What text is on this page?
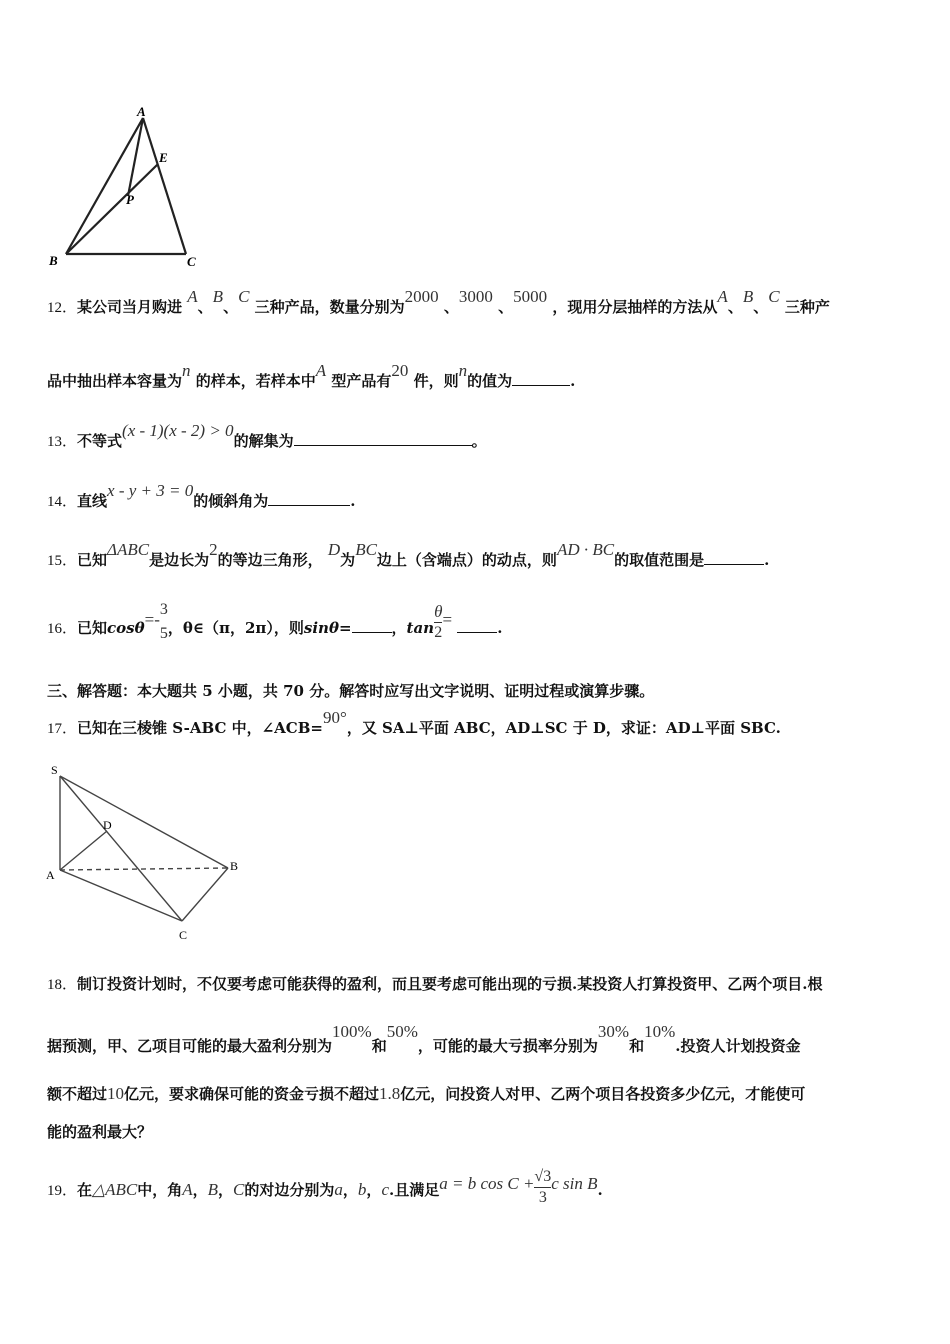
A
E
P
B	C
12．某公司当月购进 A、B、C 三种产品，数量分别为2000 、3000 、5000 ，现用分层抽样的方法从A、B、C 三种产
品中抽出样本容量为n 的样本，若样本中A 型产品有20 件，则n的值为	.
13．不等式(x - 1)(x - 2) > 0的解集为	。
14．直线x - y + 3 = 0的倾斜角为	.
15．已知ΔABC是边长为2的等边三角形， D为BC边上（含端点）的动点，则AD · BC的取值范围是	.
16．已知cosθ=-
3
5 ，θ∈（π，2π），则sinθ=	，$\tan \frac{\theta}{2}$ =	.
三、解答题：本大题共 5 小题，共 70 分。解答时应写出文字说明、证明过程或演算步骤。
17．已知在三棱锥 S-ABC 中，∠ACB=90°，又 SA⊥平面 ABC，AD⊥SC 于 D，求证：AD⊥平面 SBC.
S
D
A
B
C
18．制订投资计划时，不仅要考虑可能获得的盈利，而且要考虑可能出现的亏损.某投资人打算投资甲、乙两个项目.根
据预测，甲、乙项目可能的最大盈利分别为100%和50%，可能的最大亏损率分别为30%和10%.投资人计划投资金
额不超过10亿元，要求确保可能的资金亏损不超过1.8亿元，问投资人对甲、乙两个项目各投资多少亿元，才能使可
能的盈利最大？
19．在△ABC中，角A，B，C的对边分别为a，b，c.且满足a = b $\cos C + \frac{√3}{3}$ c sin B.
